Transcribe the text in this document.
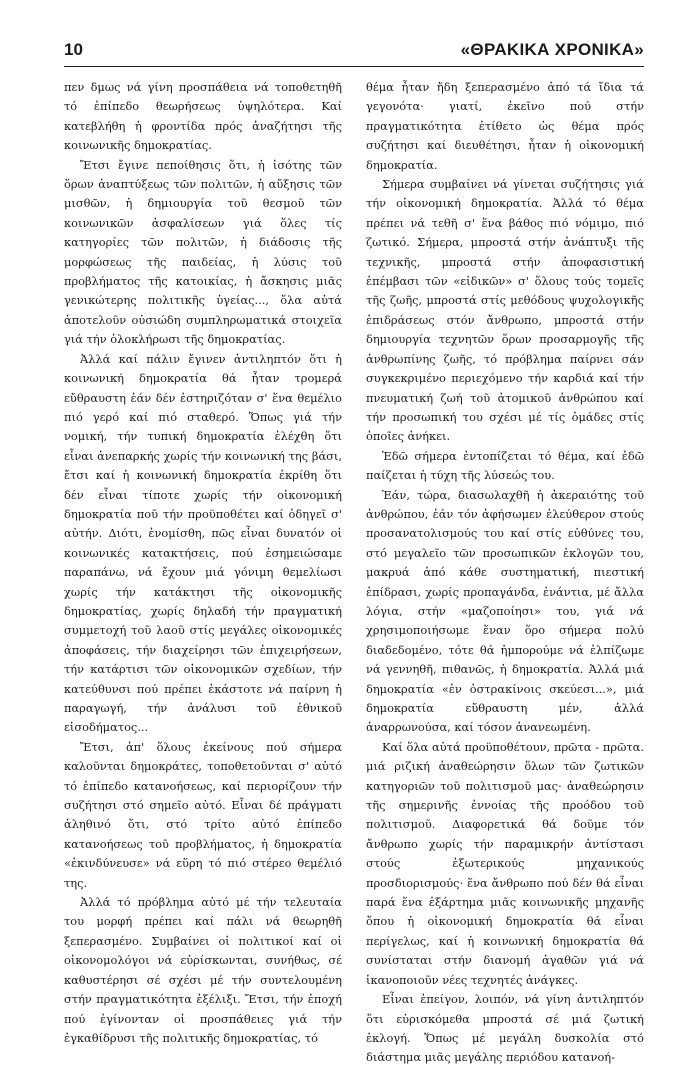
10	«ΘΡΑΚΙΚΑ ΧΡΟΝΙΚΑ»

πεν δμως νά γίνη προσπάθεια νά τοποθετηθῆ τό ἐπίπεδο θεωρήσεως ὑψηλότερα. Καί κατεβλήθη ἡ φροντίδα πρός ἀναζήτησι τῆς κοινωνικῆς δημοκρατίας.

Ἔτσι ἔγινε πεποίθησις ὅτι, ἡ ἰσότης τῶν ὅρων ἀναπτύξεως τῶν πολιτῶν, ἡ αὔξησις τῶν μισθῶν, ἡ δημιουργία τοῦ θεσμοῦ τῶν κοινωνικῶν ἀσφαλίσεων γιά ὅλες τίς κατηγορίες τῶν πολιτῶν, ἡ διάδοσις τῆς μορφώσεως τῆς παιδείας, ἡ λύσις τοῦ προβλήματος τῆς κατοικίας, ἡ ἄσκησις μιᾶς γενικώτερης πολιτικῆς ὑγείας..., ὅλα αὐτά ἀποτελοῦν οὐσιώδη συμπληρωματικά στοιχεῖα γιά τήν ὁλοκλήρωσι τῆς δημοκρατίας.

Ἀλλά καί πάλιν ἔγινεν ἀντιληπτόν ὅτι ἡ κοινωνική δημοκρατία θά ἦταν τρομερά εὔθραυστη ἐάν δέν ἐστηριζόταν σ' ἕνα θεμέλιο πιό γερό καί πιό σταθερό. Ὅπως γιά τήν νομική, τήν τυπική δημοκρατία ἐλέχθη ὅτι εἶναι ἀνεπαρκής χωρίς τήν κοινωνική της βάσι, ἔτσι καί ἡ κοινωνική δημοκρατία ἐκρίθη ὅτι δέν εἶναι τίποτε χωρίς τήν οἰκονομική δημοκρατία ποῦ τήν προϋποθέτει καί ὁδηγεῖ σ' αὐτήν. Διότι, ἐνομίσθη, πῶς εἶναι δυνατόν οἱ κοινωνικές κατακτήσεις, πού ἐσημειώσαμε παραπάνω, νά ἔχουν μιά γόνιμη θεμελίωσι χωρίς τήν κατάκτησι τῆς οἰκονομικῆς δημοκρατίας, χωρίς δηλαδή τήν πραγματική συμμετοχή τοῦ λαοῦ στίς μεγάλες οἰκονομικές ἀποφάσεις, τήν διαχείρησι τῶν ἐπιχειρήσεων, τήν κατάρτισι τῶν οἰκονομικῶν σχεδίων, τήν κατεύθυνσι πού πρέπει ἑκάστοτε νά παίρνη ἡ παραγωγή, τήν ἀνάλυσι τοῦ ἐθνικοῦ εἰσοδήματος...

Ἔτσι, ἀπ' ὅλους ἐκείνους πού σήμερα καλοῦνται δημοκράτες, τοποθετοῦνται σ' αὐτό τό ἐπίπεδο κατανοήσεως, καί περιορίζουν τήν συζήτησι στό σημεῖο αὐτό. Εἶναι δέ πράγματι ἀληθινό ὅτι, στό τρίτο αὐτό ἐπίπεδο κατανοήσεως τοῦ προβλήματος, ἡ δημοκρατία «ἐκινδύνευσε» νά εὕρη τό πιό στέρεο θεμέλιό της.

Ἀλλά τό πρόβλημα αὐτό μέ τήν τελευταία του μορφή πρέπει καί πάλι νά θεωρηθῆ ξεπερασμένο. Συμβαίνει οἱ πολιτικοί καί οἱ οἰκονομολόγοι νά εὑρίσκωνται, συνήθως, σέ καθυστέρησι σέ σχέσι μέ τήν συντελουμένη στήν πραγματικότητα ἐξέλιξι. Ἔτσι, τήν ἐποχή πού ἐγίνονταν οἱ προσπάθειες γιά τήν ἐγκαθίδρυσι τῆς πολιτικῆς δημοκρατίας, τό

θέμα ἦταν ἤδη ξεπερασμένο ἀπό τά ἴδια τά γεγονότα· γιατί, ἐκεῖνο πού στήν πραγματικότητα ἐτίθετο ὡς θέμα πρός συζήτησι καί διευθέτησι, ἦταν ἡ οἰκονομική δημοκρατία.

Σήμερα συμβαίνει νά γίνεται συζήτησις γιά τήν οἰκονομική δημοκρατία. Ἀλλά τό θέμα πρέπει νά τεθῆ σ' ἕνα βάθος πιό νόμιμο, πιό ζωτικό. Σήμερα, μπροστά στήν ἀνάπτυξι τῆς τεχνικῆς, μπροστά στήν ἀποφασιστική ἐπέμβασι τῶν «εἰδικῶν» σ' ὅλους τούς τομεῖς τῆς ζωῆς, μπροστά στίς μεθόδους ψυχολογικῆς ἐπιδράσεως στόν ἄνθρωπο, μπροστά στήν δημιουργία τεχνητῶν ὅρων προσαρμογῆς τῆς ἀνθρωπίνης ζωῆς, τό πρόβλημα παίρνει σάν συγκεκριμένο περιεχόμενο τήν καρδιά καί τήν πνευματική ζωή τοῦ ἀτομικοῦ ἀνθρώπου καί τήν προσωπική του σχέσι μέ τίς ὁμάδες στίς ὁποῖες ἀνήκει.

Ἐδῶ σήμερα ἐντοπίζεται τό θέμα, καί ἐδῶ παίζεται ἡ τύχη τῆς λύσεώς του.

Ἐάν, τώρα, διασωλαχθῆ ἡ ἀκεραιότης τοῦ ἀνθρώπου, ἐάν τόν ἀφήσωμεν ἐλεύθερον στούς προσανατολισμούς του καί στίς εὐθύνες του, στό μεγαλεῖο τῶν προσωπικῶν ἐκλογῶν του, μακρυά ἀπό κάθε συστηματική, πιεστική ἐπίδρασι, χωρίς προπαγάνδα, ἐνάντια, μέ ἄλλα λόγια, στήν «μαζοποίησι» του, γιά νά χρησιμοποιήσωμε ἕναν ὅρο σήμερα πολύ διαδεδομένο, τότε θά ἠμπορούμε νά ἐλπίζωμε νά γεννηθῆ, πιθανῶς, ἡ δημοκρατία. Ἀλλά μιά δημοκρατία «ἐν ὀστρακίνοις σκεύεσι...», μιά δημοκρατία εὔθραυστη μέν, ἀλλά ἀναρρωνούσα, καί τόσον ἀνανεωμένη.

Καί ὅλα αὐτά προϋποθέτουν, πρῶτα - πρῶτα. μιά ριζική ἀναθεώρησιν ὅλων τῶν ζωτικῶν κατηγοριῶν τοῦ πολιτισμοῦ μας· ἀναθεώρησιν τῆς σημερινῆς ἐννοίας τῆς προόδου τοῦ πολιτισμοῦ. Διαφορετικά θά δοῦμε τόν ἄνθρωπο χωρίς τήν παραμικρήν ἀντίστασι στούς ἐξωτερικούς μηχανικούς προσδιορισμούς· ἕνα ἄνθρωπο πού δέν θά εἶναι παρά ἕνα ἐξάρτημα μιᾶς κοινωνικῆς μηχανῆς ὅπου ἡ οἰκονομική δημοκρατία θά εἶναι περίγελως, καί ἡ κοινωνική δημοκρατία θά συνίσταται στήν διανομή ἀγαθῶν γιά νά ἱκανοποιοῦν νέες τεχνητές ἀνάγκες.

Εἶναι ἐπείγον, λοιπόν, νά γίνη ἀντιληπτόν ὅτι εὑρισκόμεθα μπροστά σέ μιά ζωτική ἐκλογή. Ὅπως μέ μεγάλη δυσκολία στό διάστημα μιᾶς μεγάλης περιόδου κατανοή-
